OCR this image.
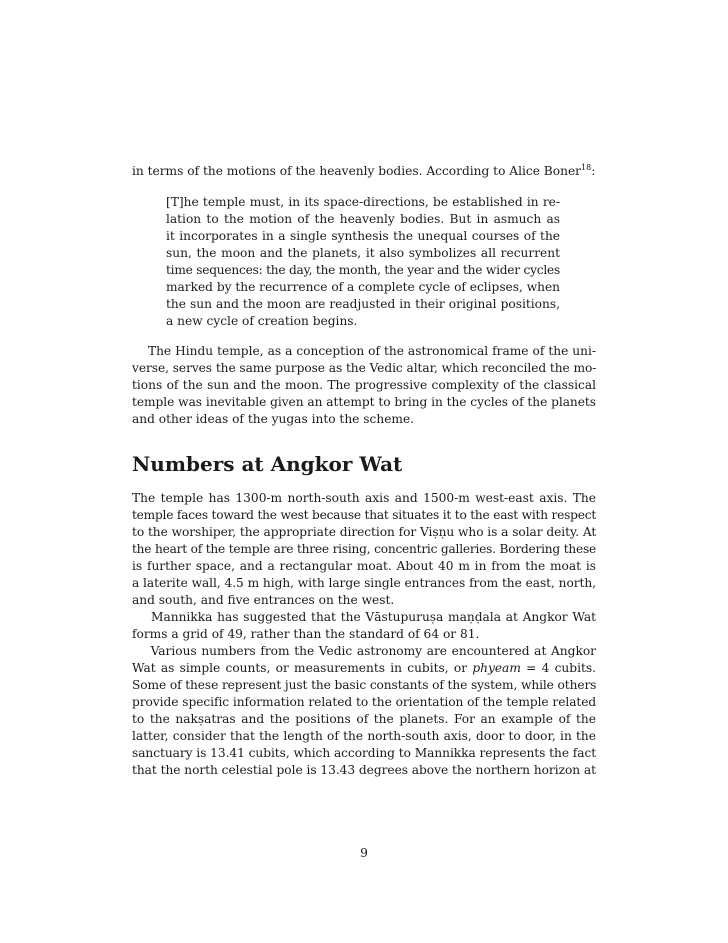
in terms of the motions of the heavenly bodies. According to Alice Boner$^{18}$:
[T]he temple must, in its space-directions, be established in re-
lation to the motion of the heavenly bodies. But in asmuch as
it incorporates in a single synthesis the unequal courses of the
sun, the moon and the planets, it also symbolizes all recurrent
time sequences: the day, the month, the year and the wider cycles
marked by the recurrence of a complete cycle of eclipses, when
the sun and the moon are readjusted in their original positions,
a new cycle of creation begins.
The Hindu temple, as a conception of the astronomical frame of the uni-
verse, serves the same purpose as the Vedic altar, which reconciled the mo-
tions of the sun and the moon. The progressive complexity of the classical
temple was inevitable given an attempt to bring in the cycles of the planets
and other ideas of the yugas into the scheme.
Numbers at Angkor Wat
The temple has 1300-m north-south axis and 1500-m west-east axis. The
temple faces toward the west because that situates it to the east with respect
to the worshiper, the appropriate direction for Viṣṇu who is a solar deity. At
the heart of the temple are three rising, concentric galleries. Bordering these
is further space, and a rectangular moat. About 40 m in from the moat is
a laterite wall, 4.5 m high, with large single entrances from the east, north,
and south, and five entrances on the west.
Mannikka has suggested that the Vāstupuruṣa maṇḍala at Angkor Wat
forms a grid of 49, rather than the standard of 64 or 81.
Various numbers from the Vedic astronomy are encountered at Angkor
Wat as simple counts, or measurements in cubits, or phyeam = 4 cubits.
Some of these represent just the basic constants of the system, while others
provide specific information related to the orientation of the temple related
to the nakṣatras and the positions of the planets. For an example of the
latter, consider that the length of the north-south axis, door to door, in the
sanctuary is 13.41 cubits, which according to Mannikka represents the fact
that the north celestial pole is 13.43 degrees above the northern horizon at
9
